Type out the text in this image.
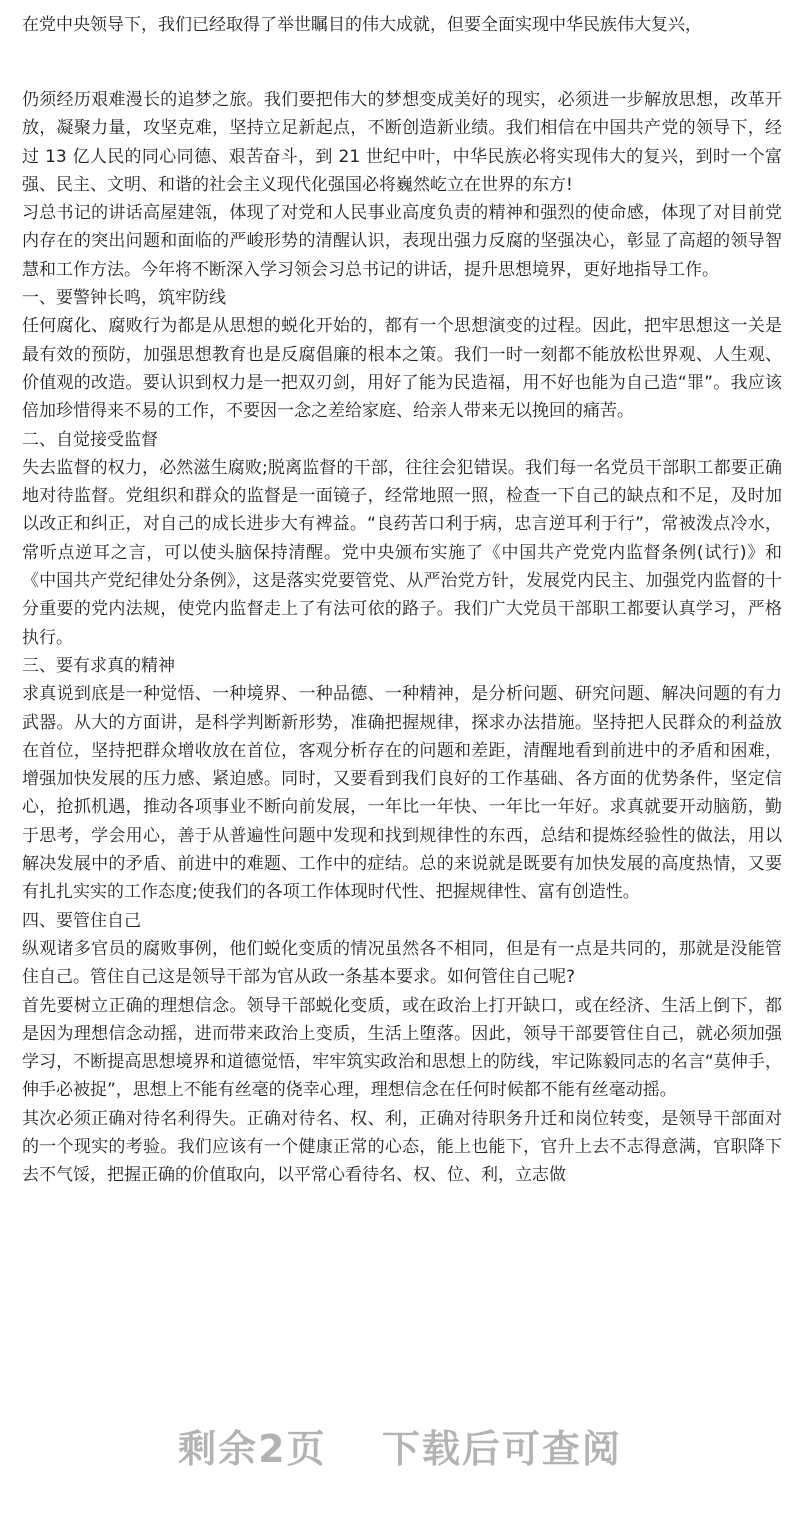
在党中央领导下，我们已经取得了举世瞩目的伟大成就，但要全面实现中华民族伟大复兴，

仍须经历艰难漫长的追梦之旅。我们要把伟大的梦想变成美好的现实，必须进一步解放思想，改革开放，凝聚力量，攻坚克难，坚持立足新起点，不断创造新业绩。我们相信在中国共产党的领导下，经过 13 亿人民的同心同德、艰苦奋斗，到 21 世纪中叶，中华民族必将实现伟大的复兴，到时一个富强、民主、文明、和谐的社会主义现代化强国必将巍然屹立在世界的东方!

习总书记的讲话高屋建瓴，体现了对党和人民事业高度负责的精神和强烈的使命感，体现了对目前党内存在的突出问题和面临的严峻形势的清醒认识，表现出强力反腐的坚强决心，彰显了高超的领导智慧和工作方法。今年将不断深入学习领会习总书记的讲话，提升思想境界，更好地指导工作。

一、要警钟长鸣，筑牢防线

任何腐化、腐败行为都是从思想的蜕化开始的，都有一个思想演变的过程。因此，把牢思想这一关是最有效的预防，加强思想教育也是反腐倡廉的根本之策。我们一时一刻都不能放松世界观、人生观、价值观的改造。要认识到权力是一把双刃剑，用好了能为民造福，用不好也能为自己造“罪”。我应该倍加珍惜得来不易的工作，不要因一念之差给家庭、给亲人带来无以挽回的痛苦。

二、自觉接受监督

失去监督的权力，必然滋生腐败;脱离监督的干部，往往会犯错误。我们每一名党员干部职工都要正确地对待监督。党组织和群众的监督是一面镜子，经常地照一照，检查一下自己的缺点和不足，及时加以改正和纠正，对自己的成长进步大有裨益。“良药苦口利于病，忠言逆耳利于行”，常被泼点冷水，常听点逆耳之言，可以使头脑保持清醒。党中央颁布实施了《中国共产党党内监督条例(试行)》和《中国共产党纪律处分条例》，这是落实党要管党、从严治党方针，发展党内民主、加强党内监督的十分重要的党内法规，使党内监督走上了有法可依的路子。我们广大党员干部职工都要认真学习，严格执行。

三、要有求真的精神

求真说到底是一种觉悟、一种境界、一种品德、一种精神，是分析问题、研究问题、解决问题的有力武器。从大的方面讲，是科学判断新形势，准确把握规律，探求办法措施。坚持把人民群众的利益放在首位，坚持把群众增收放在首位，客观分析存在的问题和差距，清醒地看到前进中的矛盾和困难，增强加快发展的压力感、紧迫感。同时，又要看到我们良好的工作基础、各方面的优势条件，坚定信心，抢抓机遇，推动各项事业不断向前发展，一年比一年快、一年比一年好。求真就要开动脑筋，勤于思考，学会用心，善于从普遍性问题中发现和找到规律性的东西，总结和提炼经验性的做法，用以解决发展中的矛盾、前进中的难题、工作中的症结。总的来说就是既要有加快发展的高度热情，又要有扎扎实实的工作态度;使我们的各项工作体现时代性、把握规律性、富有创造性。

四、要管住自己

纵观诸多官员的腐败事例，他们蜕化变质的情况虽然各不相同，但是有一点是共同的，那就是没能管住自己。管住自己这是领导干部为官从政一条基本要求。如何管住自己呢?

首先要树立正确的理想信念。领导干部蜕化变质，或在政治上打开缺口，或在经济、生活上倒下，都是因为理想信念动摇，进而带来政治上变质，生活上堕落。因此，领导干部要管住自己，就必须加强学习，不断提高思想境界和道德觉悟，牢牢筑实政治和思想上的防线，牢记陈毅同志的名言“莫伸手，伸手必被捉”，思想上不能有丝毫的侥幸心理，理想信念在任何时候都不能有丝毫动摇。

其次必须正确对待名利得失。正确对待名、权、利，正确对待职务升迁和岗位转变，是领导干部面对的一个现实的考验。我们应该有一个健康正常的心态，能上也能下，官升上去不志得意满，官职降下去不气馁，把握正确的价值取向，以平常心看待名、权、位、利，立志做

剩余2页 下载后可查阅
